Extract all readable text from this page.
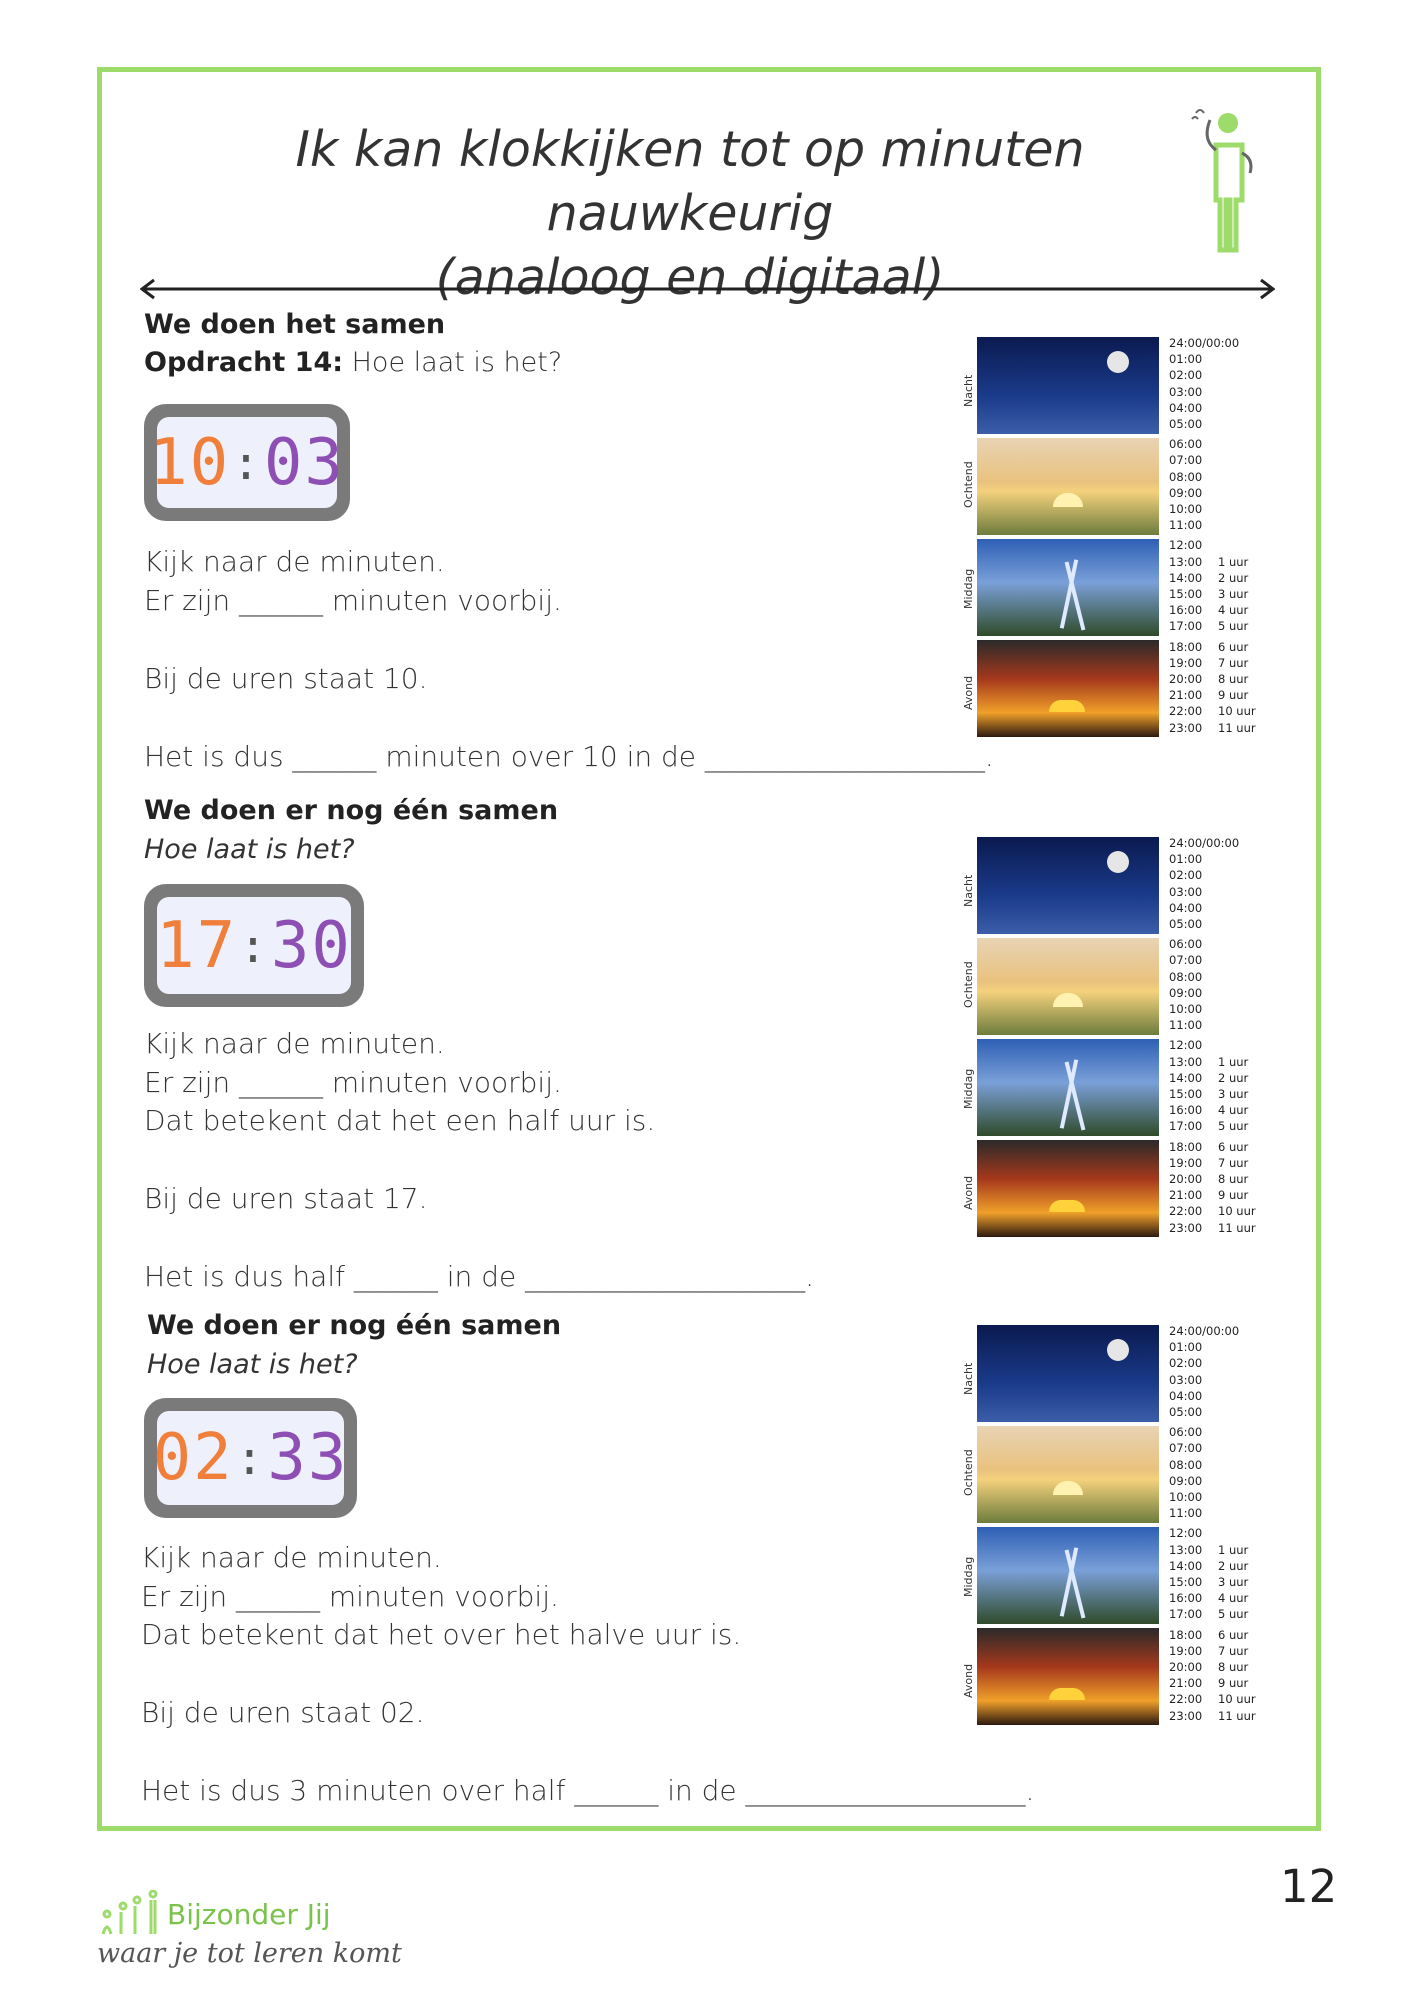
Ik kan klokkijken tot op minuten nauwkeurig
(analoog en digitaal)
We doen het samen
Opdracht 14: Hoe laat is het?
10 : 03
Kijk naar de minuten.
Er zijn ______ minuten voorbij.
Bij de uren staat 10.
Het is dus ______ minuten over 10 in de ____________________.
We doen er nog één samen
Hoe laat is het?
17 : 30
Kijk naar de minuten.
Er zijn ______ minuten voorbij.
Dat betekent dat het een half uur is.
Bij de uren staat 17.
Het is dus half ______ in de ____________________.
We doen er nog één samen
Hoe laat is het?
02 : 33
Kijk naar de minuten.
Er zijn ______ minuten voorbij.
Dat betekent dat het over het halve uur is.
Bij de uren staat 02.
Het is dus 3 minuten over half ______ in de ____________________.
Nacht
Ochtend
Middag
Avond
24:00/00:00
01:00
02:00
03:00
04:00
05:00
06:00
07:00
08:00
09:00
10:00
11:00
12:00
13:00
14:00
15:00
16:00
17:00
18:00
19:00
20:00
21:00
22:00
23:00
1 uur
2 uur
3 uur
4 uur
5 uur
6 uur
7 uur
8 uur
9 uur
10 uur
11 uur
Nacht
Ochtend
Middag
Avond
24:00/00:00
01:00
02:00
03:00
04:00
05:00
06:00
07:00
08:00
09:00
10:00
11:00
12:00
13:00
14:00
15:00
16:00
17:00
18:00
19:00
20:00
21:00
22:00
23:00
1 uur
2 uur
3 uur
4 uur
5 uur
6 uur
7 uur
8 uur
9 uur
10 uur
11 uur
Nacht
Ochtend
Middag
Avond
24:00/00:00
01:00
02:00
03:00
04:00
05:00
06:00
07:00
08:00
09:00
10:00
11:00
12:00
13:00
14:00
15:00
16:00
17:00
18:00
19:00
20:00
21:00
22:00
23:00
1 uur
2 uur
3 uur
4 uur
5 uur
6 uur
7 uur
8 uur
9 uur
10 uur
11 uur
12
Bijzonder Jij
waar je tot leren komt
